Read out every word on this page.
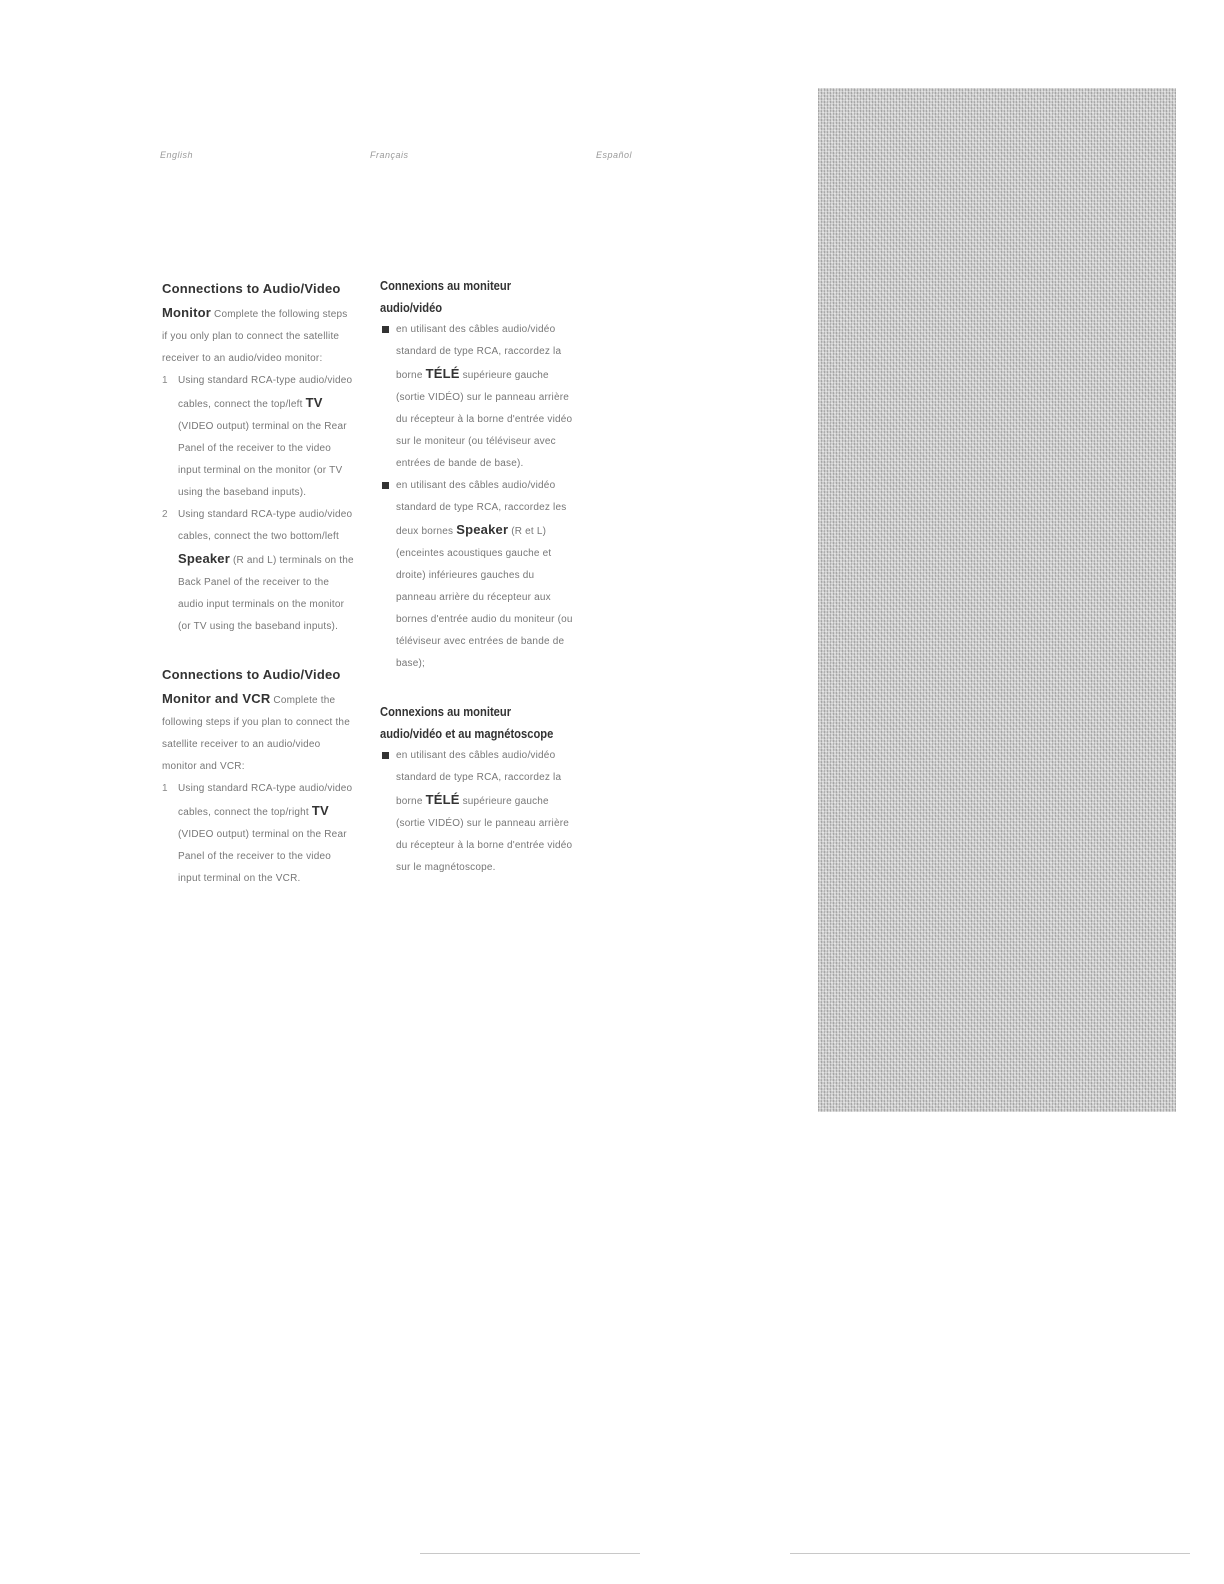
English	Français	Español

Connections to Audio/Video Monitor Complete the following steps if you only plan to connect the satellite receiver to an audio/video monitor:

1 Using standard RCA-type audio/video cables, connect the top/left TV (VIDEO output) terminal on the Rear Panel of the receiver to the video input terminal on the monitor (or TV using the baseband inputs).

2 Using standard RCA-type audio/video cables, connect the two bottom/left Speaker (R and L) terminals on the Back Panel of the receiver to the audio input terminals on the monitor (or TV using the baseband inputs).

Connections to Audio/Video Monitor and VCR Complete the following steps if you plan to connect the satellite receiver to an audio/video monitor and VCR:

1 Using standard RCA-type audio/video cables, connect the top/right TV (VIDEO output) terminal on the Rear Panel of the receiver to the video input terminal on the VCR.

Connexions au moniteur audio/vidéo

en utilisant des câbles audio/vidéo standard de type RCA, raccordez la borne TÉLÉ supérieure gauche (sortie VIDÉO) sur le panneau arrière du récepteur à la borne d'entrée vidéo sur le moniteur (ou téléviseur avec entrées de bande de base).

en utilisant des câbles audio/vidéo standard de type RCA, raccordez les deux bornes Speaker (R et L) (enceintes acoustiques gauche et droite) inférieures gauches du panneau arrière du récepteur aux bornes d'entrée audio du moniteur (ou téléviseur avec entrées de bande de base);

Connexions au moniteur audio/vidéo et au magnétoscope

en utilisant des câbles audio/vidéo standard de type RCA, raccordez la borne TÉLÉ supérieure gauche (sortie VIDÉO) sur le panneau arrière du récepteur à la borne d'entrée vidéo sur le magnétoscope.
